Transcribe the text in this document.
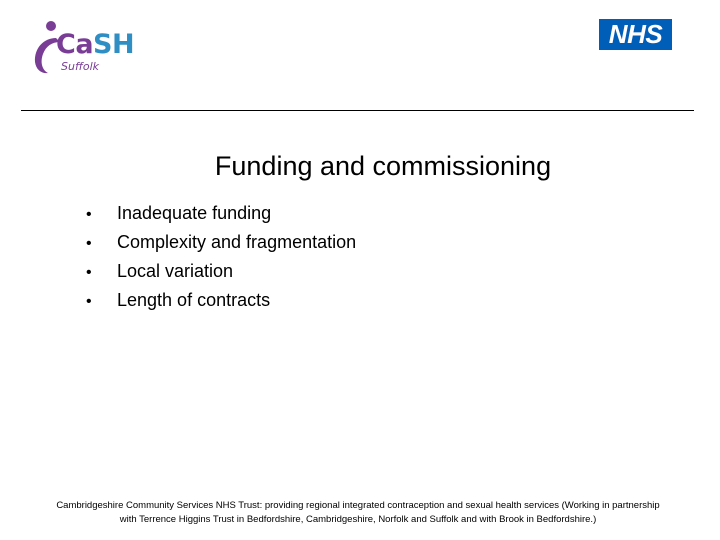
CaSH
Suffolk
NHS
Funding and commissioning
•	Inadequate funding
•	Complexity and fragmentation
•	Local variation
•	Length of contracts
Cambridgeshire Community Services NHS Trust: providing regional integrated contraception and sexual health services (Working in partnership
with Terrence Higgins Trust in Bedfordshire, Cambridgeshire, Norfolk and Suffolk and with Brook in Bedfordshire.)
